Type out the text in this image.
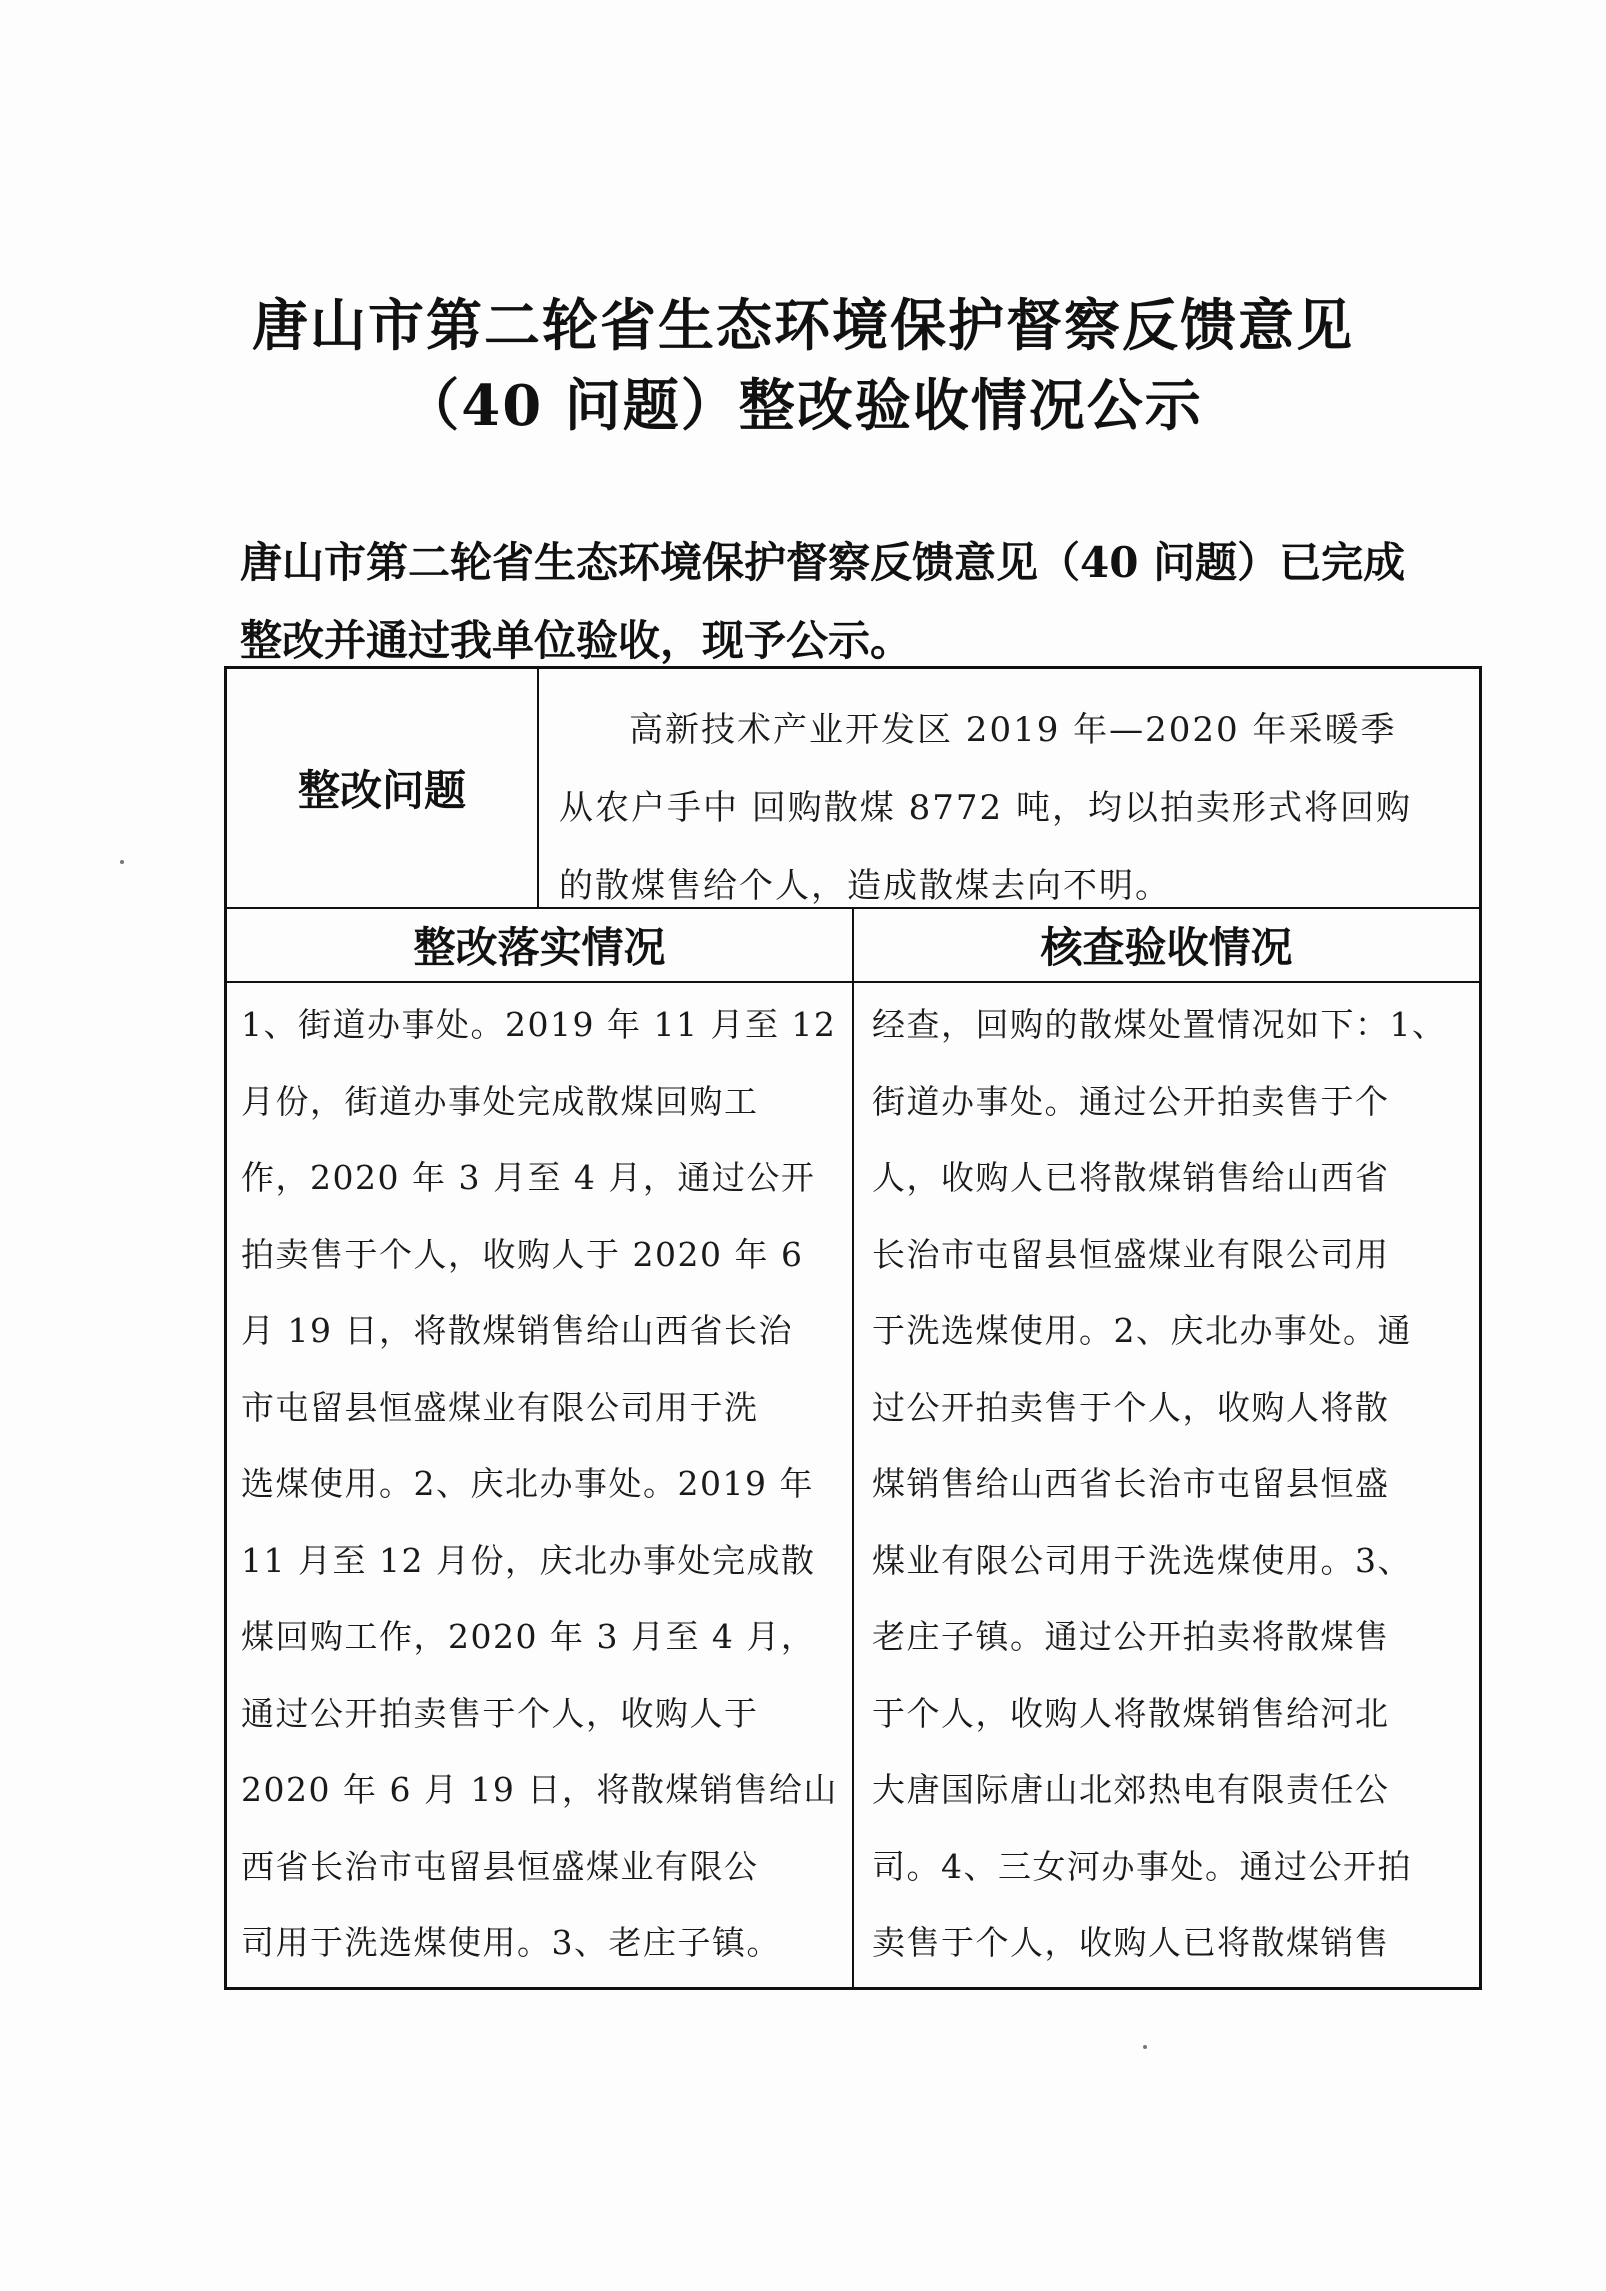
唐山市第二轮省生态环境保护督察反馈意见
（40 问题）整改验收情况公示

唐山市第二轮省生态环境保护督察反馈意见（40 问题）已完成

整改并通过我单位验收，现予公示。

整改问题
高新技术产业开发区 2019 年—2020 年采暖季
从农户手中 回购散煤 8772 吨，均以拍卖形式将回购
的散煤售给个人，造成散煤去向不明。
整改落实情况	核查验收情况
1、街道办事处。2019 年 11 月至 12
月份，街道办事处完成散煤回购工
作，2020 年 3 月至 4 月，通过公开
拍卖售于个人，收购人于 2020 年 6
月 19 日，将散煤销售给山西省长治
市屯留县恒盛煤业有限公司用于洗
选煤使用。2、庆北办事处。2019 年
11 月至 12 月份，庆北办事处完成散
煤回购工作，2020 年 3 月至 4 月，
通过公开拍卖售于个人，收购人于
2020 年 6 月 19 日，将散煤销售给山
西省长治市屯留县恒盛煤业有限公
司用于洗选煤使用。3、老庄子镇。
经查，回购的散煤处置情况如下：1、
街道办事处。通过公开拍卖售于个
人，收购人已将散煤销售给山西省
长治市屯留县恒盛煤业有限公司用
于洗选煤使用。2、庆北办事处。通
过公开拍卖售于个人，收购人将散
煤销售给山西省长治市屯留县恒盛
煤业有限公司用于洗选煤使用。3、
老庄子镇。通过公开拍卖将散煤售
于个人，收购人将散煤销售给河北
大唐国际唐山北郊热电有限责任公
司。4、三女河办事处。通过公开拍
卖售于个人，收购人已将散煤销售
